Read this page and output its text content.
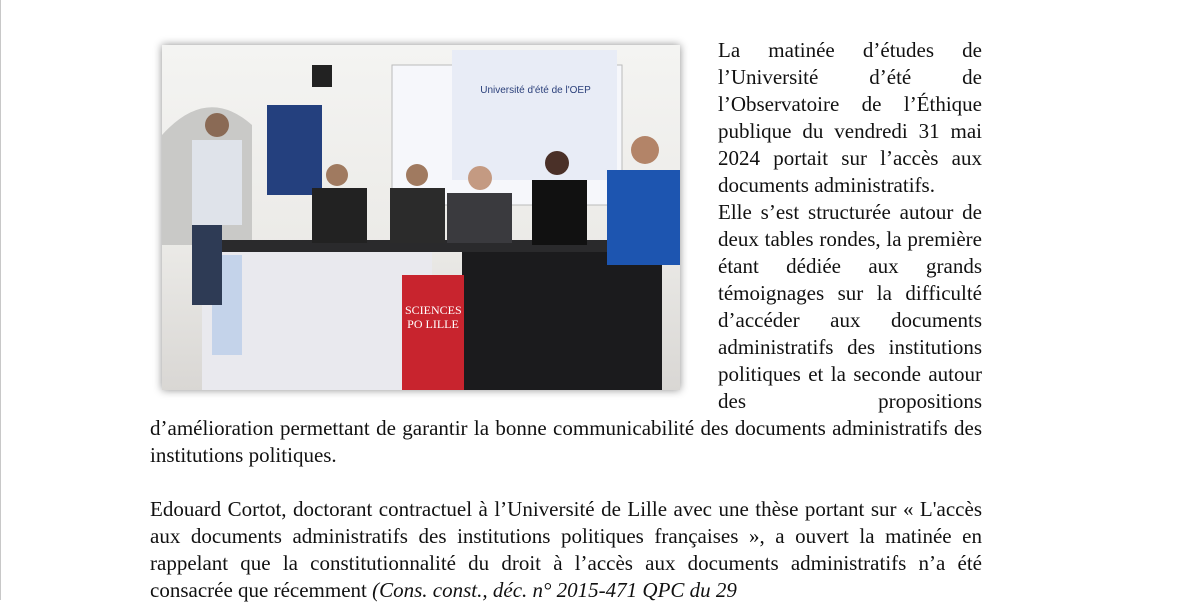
Université d'été de l'OEP
SCIENCES PO LILLE

La matinée d’études de l’Université d’été de l’Observatoire de l’Éthique publique du vendredi 31 mai 2024 portait sur l’accès aux documents administratifs.

Elle s’est structurée autour de deux tables rondes, la première étant dédiée aux grands témoignages sur la difficulté d’accéder aux documents administratifs des institutions politiques et la seconde autour des propositions d’amélioration permettant de garantir la bonne communicabilité des documents administratifs des institutions politiques.

Edouard Cortot, doctorant contractuel à l’Université de Lille avec une thèse portant sur « L'accès aux documents administratifs des institutions politiques françaises », a ouvert la matinée en rappelant que la constitutionnalité du droit à l’accès aux documents administratifs n’a été consacrée que récemment (Cons. const., déc. n° 2015-471 QPC du 29
